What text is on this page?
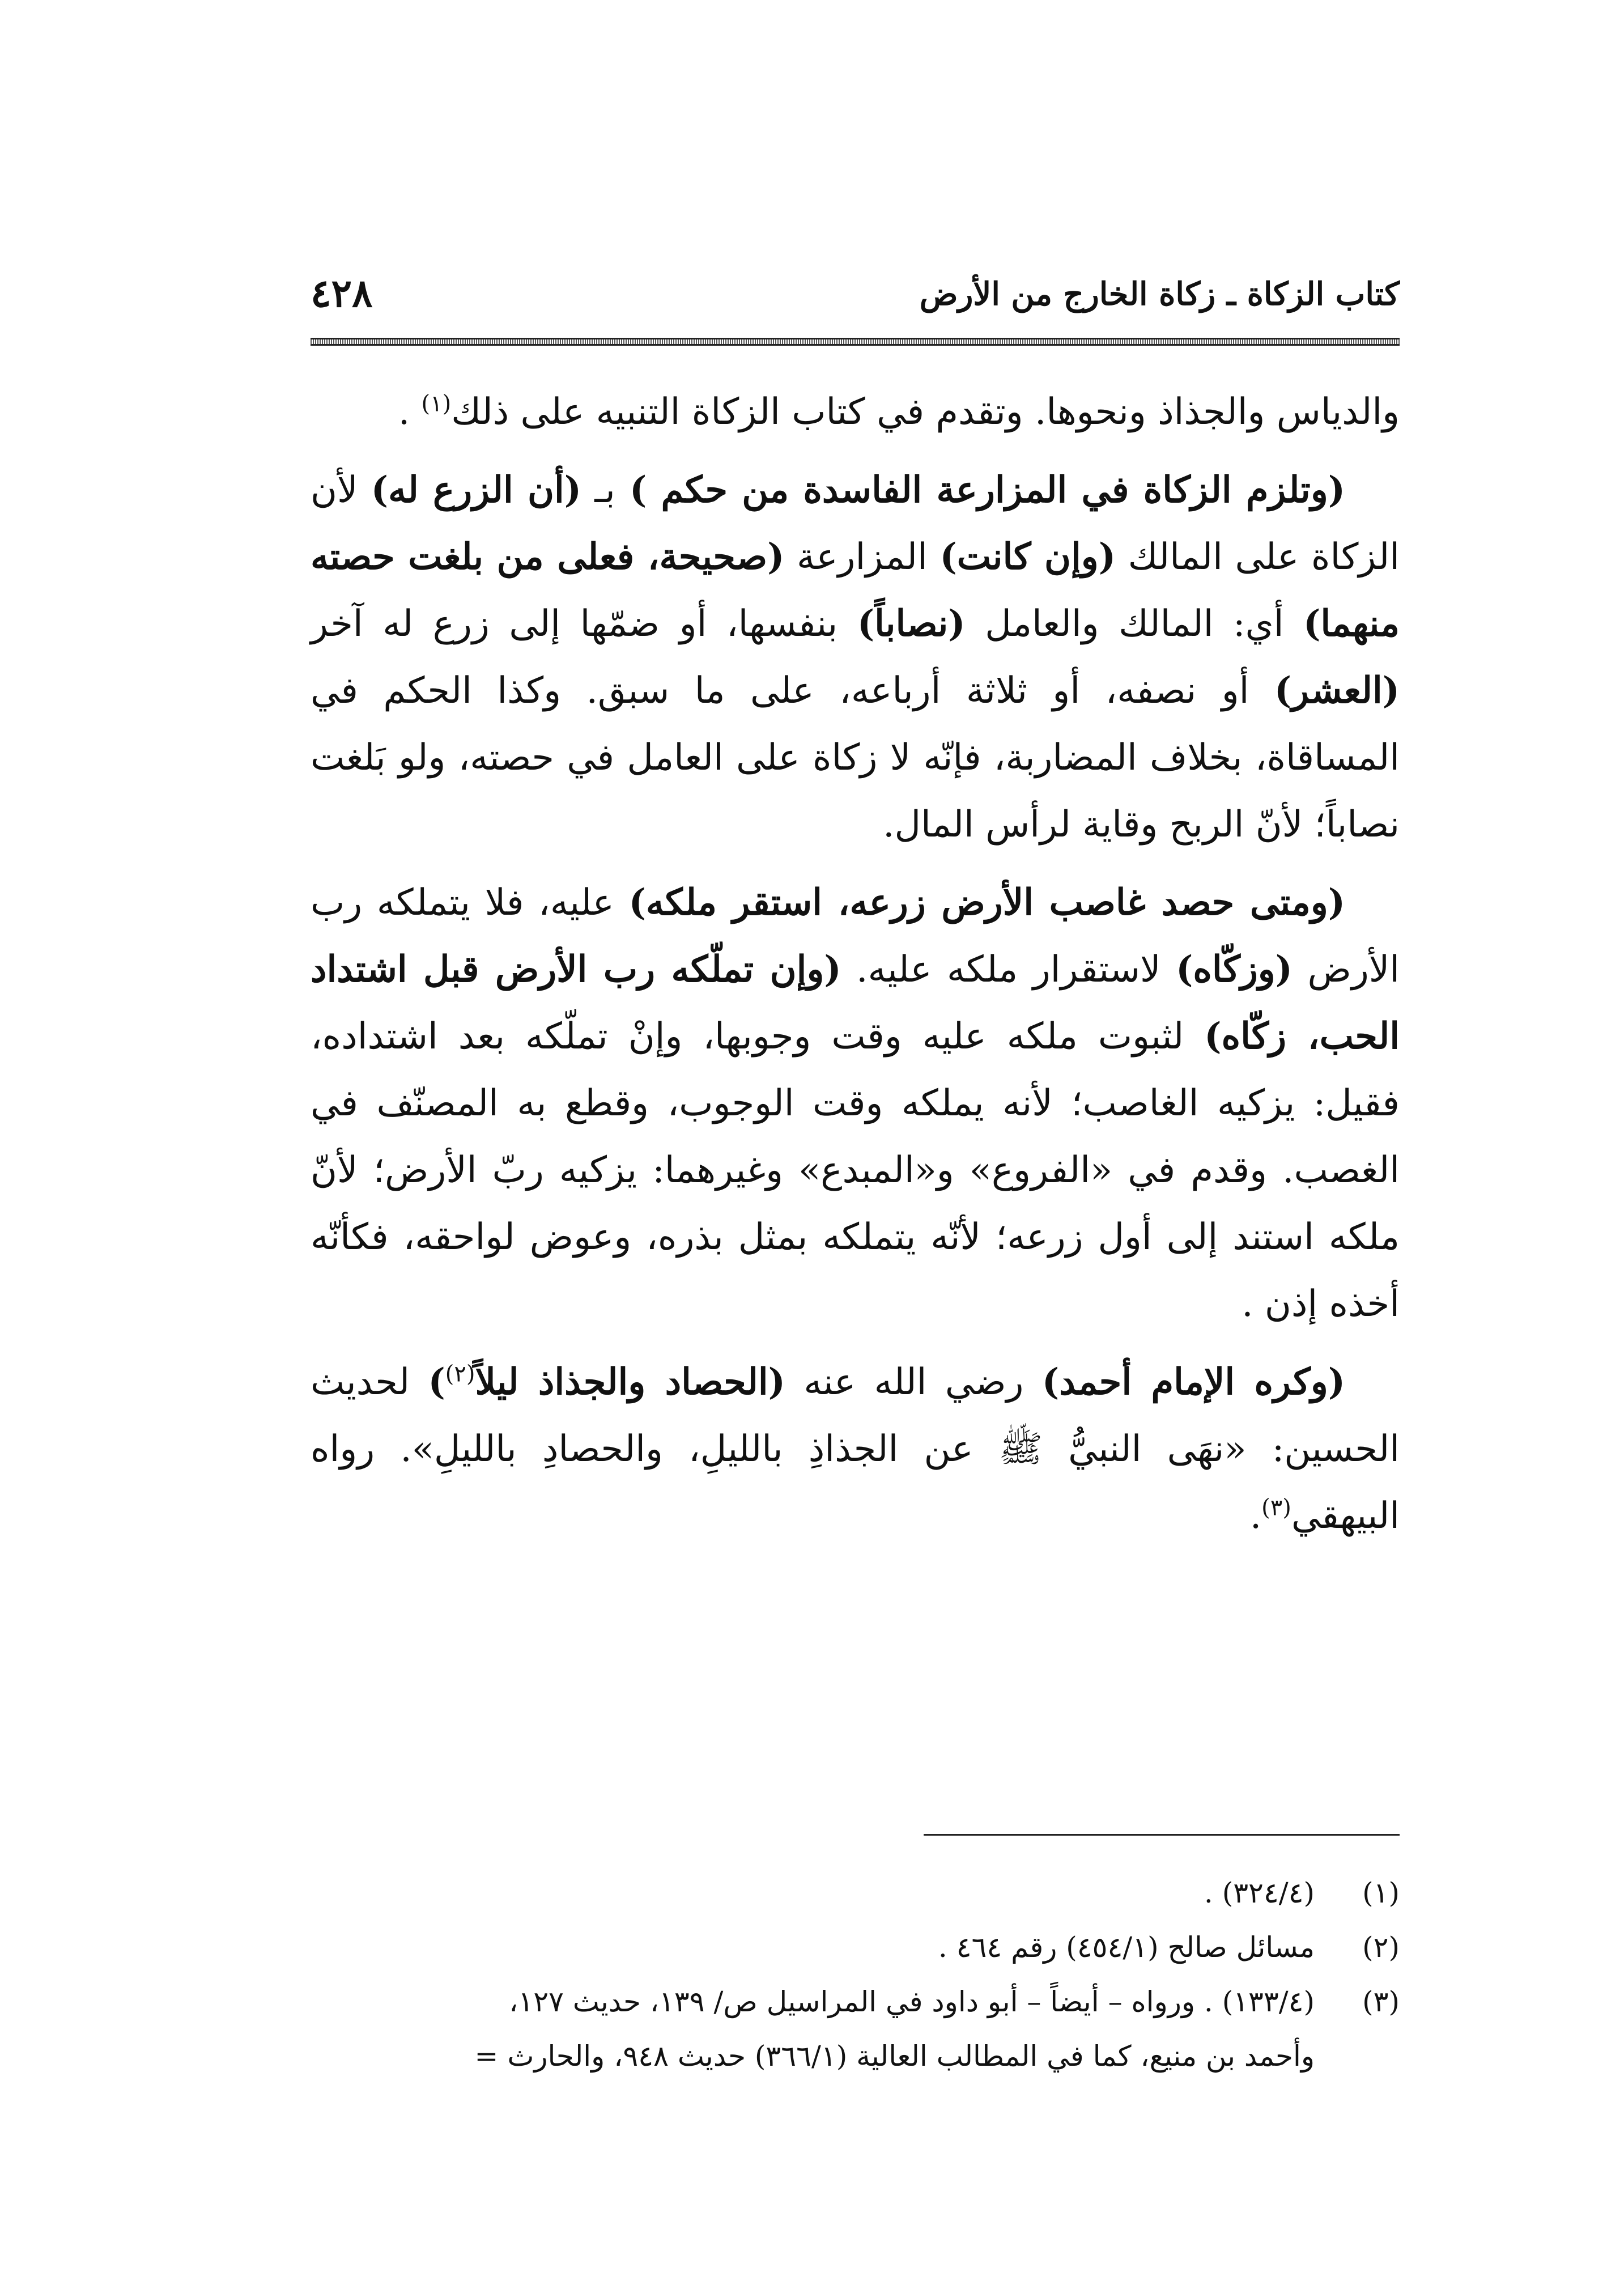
كتاب الزكاة ـ زكاة الخارج من الأرض
٤٢٨

والدياس والجذاذ ونحوها. وتقدم في كتاب الزكاة التنبيه على ذلك$^{(١)}$ .

(وتلزم الزكاة في المزارعة الفاسدة من حكم ) بـ (أن الزرع له) لأن الزكاة على المالك (وإن كانت) المزارعة (صحيحة، فعلى من بلغت حصته منهما) أي: المالك والعامل (نصاباً) بنفسها، أو ضمّها إلى زرع له آخر (العشر) أو نصفه، أو ثلاثة أرباعه، على ما سبق. وكذا الحكم في المساقاة، بخلاف المضاربة، فإنّه لا زكاة على العامل في حصته، ولو بَلغت نصاباً؛ لأنّ الربح وقاية لرأس المال.

(ومتى حصد غاصب الأرض زرعه، استقر ملكه) عليه، فلا يتملكه رب الأرض (وزكّاه) لاستقرار ملكه عليه. (وإن تملّكه رب الأرض قبل اشتداد الحب، زكّاه) لثبوت ملكه عليه وقت وجوبها، وإنْ تملّكه بعد اشتداده، فقيل: يزكيه الغاصب؛ لأنه يملكه وقت الوجوب، وقطع به المصنّف في الغصب. وقدم في «الفروع» و«المبدع» وغيرهما: يزكيه ربّ الأرض؛ لأنّ ملكه استند إلى أول زرعه؛ لأنّه يتملكه بمثل بذره، وعوض لواحقه، فكأنّه أخذه إذن .

(وكره الإمام أحمد) رضي الله عنه (الحصاد والجذاذ ليلاً$^{(٢)}$) لحديث الحسين: «نهَى النبيُّ ﷺ عن الجذاذِ بالليلِ، والحصادِ بالليلِ». رواه البيهقي$^{(٣)}$.

(١)
(٣٢٤/٤) .
(٢)
مسائل صالح (٤٥٤/١) رقم ٤٦٤ .
(٣)
(١٣٣/٤) . ورواه – أيضاً – أبو داود في المراسيل ص/ ١٣٩، حديث ١٢٧،
وأحمد بن منيع، كما في المطالب العالية (٣٦٦/١) حديث ٩٤٨، والحارث =
